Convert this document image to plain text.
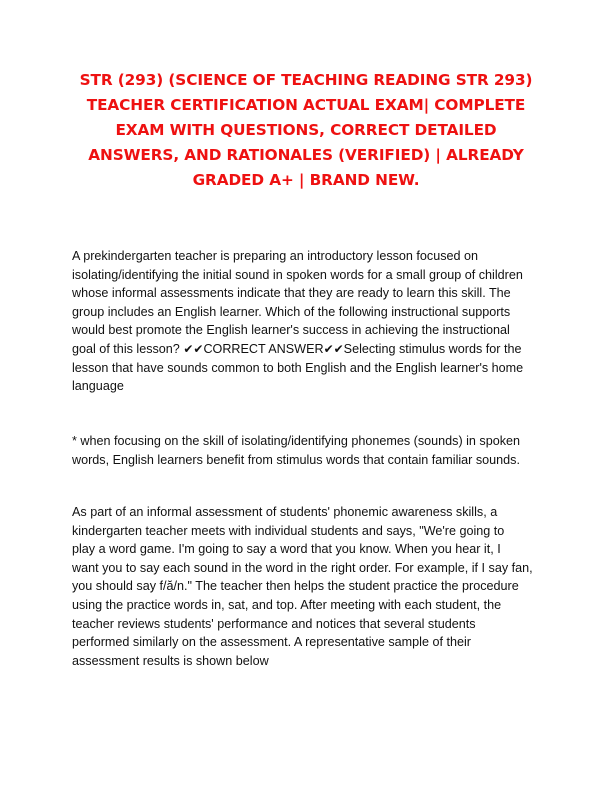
STR (293) (SCIENCE OF TEACHING READING STR 293)
TEACHER CERTIFICATION ACTUAL EXAM| COMPLETE
EXAM WITH QUESTIONS, CORRECT DETAILED
ANSWERS, AND RATIONALES (VERIFIED) | ALREADY
GRADED A+ | BRAND NEW.
A prekindergarten teacher is preparing an introductory lesson focused on
isolating/identifying the initial sound in spoken words for a small group of children
whose informal assessments indicate that they are ready to learn this skill. The
group includes an English learner. Which of the following instructional supports
would best promote the English learner's success in achieving the instructional
goal of this lesson? ✔✔CORRECT ANSWER✔✔Selecting stimulus words for the
lesson that have sounds common to both English and the English learner's home
language
* when focusing on the skill of isolating/identifying phonemes (sounds) in spoken
words, English learners benefit from stimulus words that contain familiar sounds.
As part of an informal assessment of students' phonemic awareness skills, a
kindergarten teacher meets with individual students and says, "We're going to
play a word game. I'm going to say a word that you know. When you hear it, I
want you to say each sound in the word in the right order. For example, if I say fan,
you should say f/ă/n." The teacher then helps the student practice the procedure
using the practice words in, sat, and top. After meeting with each student, the
teacher reviews students' performance and notices that several students
performed similarly on the assessment. A representative sample of their
assessment results is shown below
